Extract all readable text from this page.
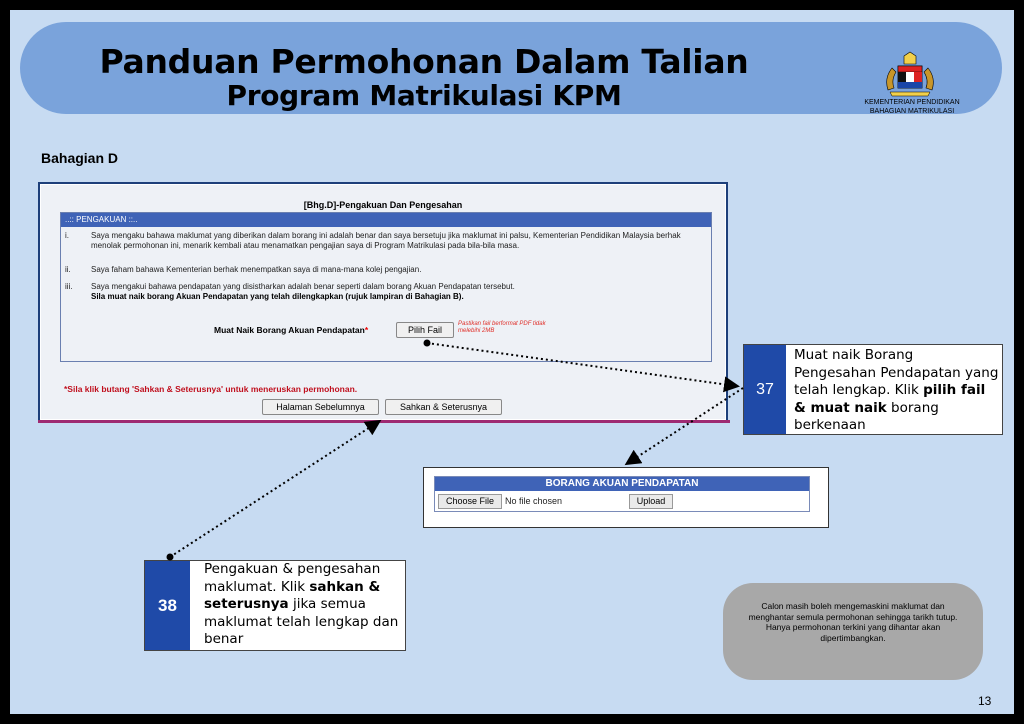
Panduan Permohonan Dalam Talian
Program Matrikulasi KPM	KEMENTERIAN PENDIDIKAN
BAHAGIAN MATRIKULASI
Bahagian D
[Bhg.D]-Pengakuan Dan Pengesahan
..:: PENGAKUAN ::..
i.	Saya mengaku bahawa maklumat yang diberikan dalam borang ini adalah benar dan saya bersetuju jika maklumat ini palsu, Kementerian Pendidikan Malaysia berhak menolak permohonan ini, menarik kembali atau menamatkan pengajian saya di Program Matrikulasi pada bila-bila masa.
ii.	Saya faham bahawa Kementerian berhak menempatkan saya di mana-mana kolej pengajian.
iii.	Saya mengakui bahawa pendapatan yang disistharkan adalah benar seperti dalam borang Akuan Pendapatan tersebut.
Sila muat naik borang Akuan Pendapatan yang telah dilengkapkan (rujuk lampiran di Bahagian B).
Muat Naik Borang Akuan Pendapatan*	Pilih Fail
Pastikan fail berformat PDF tidak melebihi 2MB
*Sila klik butang 'Sahkan & Seterusnya' untuk meneruskan permohonan.
Halaman Sebelumnya	Sahkan & Seterusnya
37
Muat naik Borang Pengesahan Pendapatan yang telah lengkap. Klik pilih fail & muat naik borang berkenaan
38
Pengakuan & pengesahan maklumat. Klik sahkan & seterusnya jika semua maklumat telah lengkap dan benar
BORANG AKUAN PENDAPATAN
Choose File	No file chosen	Upload
Calon masih boleh mengemaskini maklumat dan menghantar semula permohonan sehingga tarikh tutup. Hanya permohonan terkini yang dihantar akan dipertimbangkan.
13
